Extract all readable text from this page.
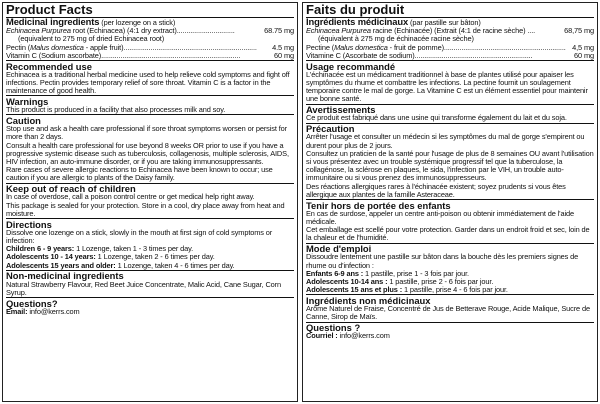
Product Facts
Medicinal ingredients (per lozenge on a stick)
Echinacea Purpurea root (Echinacea) (4:1 dry extract)..............................	68.75 mg
(equivalent to 275 mg of dried Echinacea root)
Pectin (Malus domestica - apple fruit).....................................................................	4.5 mg
Vitamin C (Sodium ascorbate)........................................................................	60 mg
Recommended use
Echinacea is a traditional herbal medicine used to help relieve cold symptoms and fight off infections. Pectin provides temporary relief of sore throat. Vitamin C is a factor in the maintenance of good health.
Warnings
This product is produced in a facility that also processes milk and soy.
Caution
Stop use and ask a health care professional if sore throat symptoms worsen or persist for more than 2 days.
Consult a health care professional for use beyond 8 weeks OR prior to use if you have a progressive systemic disease such as tuberculosis, collagenosis, multiple sclerosis, AIDS, HIV infection, an auto-immune disorder, or if you are taking immunosuppressants.
Rare cases of severe allergic reactions to Echinacea have been known to occur; use caution if you are allergic to plants of the Daisy family.
Keep out of reach of children
In case of overdose, call a poison control centre or get medical help right away.
This package is sealed for your protection. Store in a cool, dry place away from heat and moisture.
Directions
Dissolve one lozenge on a stick, slowly in the mouth at first sign of cold symptoms or infection:
Children 6 - 9 years: 1 Lozenge, taken 1 - 3 times per day.
Adolescents 10 - 14 years: 1 Lozenge, taken 2 - 6 times per day.
Adolescents 15 years and older: 1 Lozenge, taken 4 - 6 times per day.
Non-medicinal ingredients
Natural Strawberry Flavour, Red Beet Juice Concentrate, Malic Acid, Cane Sugar, Corn Syrup.
Questions?
Email: info@kerrs.com
Faits du produit
Ingrédients médicinaux (par pastille sur bâton)
Echinacea Purpurea racine (Echinacée) (Extrait (4:1 de racine sèche) ....	68,75 mg
(équivalent à 275 mg de échinacée racine sèche)
Pectine (Malus domestica - fruit de pomme)............................................................... 4,5 mg
Vitamine C (Ascorbate de sodium).............................................................	60 mg
Usage recommandé
L'échinacée est un médicament traditionnel à base de plantes utilisé pour apaiser les symptômes du rhume et combattre les infections. La pectine fournit un soulagement temporaire contre le mal de gorge. La Vitamine C est un élément essentiel pour maintenir une bonne santé.
Avertissements
Ce produit est fabriqué dans une usine qui transforme également du lait et du soja.
Précaution
Arrêter l'usage et consulter un médecin si les symptômes du mal de gorge s'empirent ou durent pour plus de 2 jours.
Consultez un praticien de la santé pour l'usage de plus de 8 semaines OU avant l'utilisation si vous présentez avec un trouble systémique progressif tel que la tuberculose, la collagénose, la sclérose en plaques, le sida, l'infection par le VIH, un trouble auto-immunitaire ou si vous prenez des immunosuppresseurs.
Des réactions allergiques rares à l'échinacée existent; soyez prudents si vous êtes allergique aux plantes de la famille Asteraceae.
Tenir hors de portée des enfants
En cas de surdose, appeler un centre anti-poison ou obtenir immédiatement de l'aide médicale.
Cet emballage est scellé pour votre protection. Garder dans un endroit froid et sec, loin de la chaleur et de l'humidité.
Mode d'emploi
Dissoudre lentement une pastille sur bâton dans la bouche dès les premiers signes de rhume ou d'infection :
Enfants 6-9 ans : 1 pastille, prise 1 - 3 fois par jour.
Adolescents 10-14 ans : 1 pastille, prise 2 - 6 fois par jour.
Adolescents 15 ans et plus : 1 pastille, prise 4 - 6 fois par jour.
Ingrédients non médicinaux
Arôme Naturel de Fraise, Concentré de Jus de Betterave Rouge, Acide Malique, Sucre de Canne, Sirop de Maïs.
Questions ?
Courriel : info@kerrs.com
